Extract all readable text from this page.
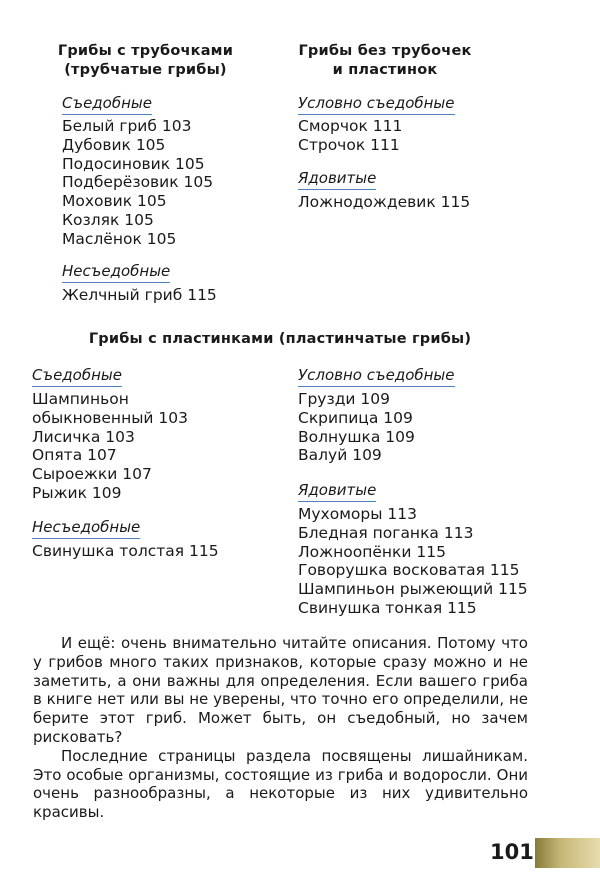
Грибы с трубочками
(трубчатые грибы)
Съедобные
Белый гриб 103
Дубовик 105
Подосиновик 105
Подберёзовик 105
Моховик 105
Козляк 105
Маслёнок 105
Несъедобные
Желчный гриб 115
Грибы без трубочек
и пластинок
Условно съедобные
Сморчок 111
Строчок 111
Ядовитые
Ложнодождевик 115
Грибы с пластинками (пластинчатые грибы)
Съедобные
Шампиньон
обыкновенный 103
Лисичка 103
Опята 107
Сыроежки 107
Рыжик 109
Несъедобные
Свинушка толстая 115
Условно съедобные
Грузди 109
Скрипица 109
Волнушка 109
Валуй 109
Ядовитые
Мухоморы 113
Бледная поганка 113
Ложноопёнки 115
Говорушка восковатая 115
Шампиньон рыжеющий 115
Свинушка тонкая 115

И ещё: очень внимательно читайте описания. Потому что у грибов много таких признаков, которые сразу можно и не заметить, а они важны для определения. Если вашего гриба в книге нет или вы не уверены, что точно его определили, не берите этот гриб. Может быть, он съедобный, но зачем рисковать?

Последние страницы раздела посвящены лишайникам. Это особые организмы, состоящие из гриба и водоросли. Они очень разнообразны, а некоторые из них удивительно красивы.

101
